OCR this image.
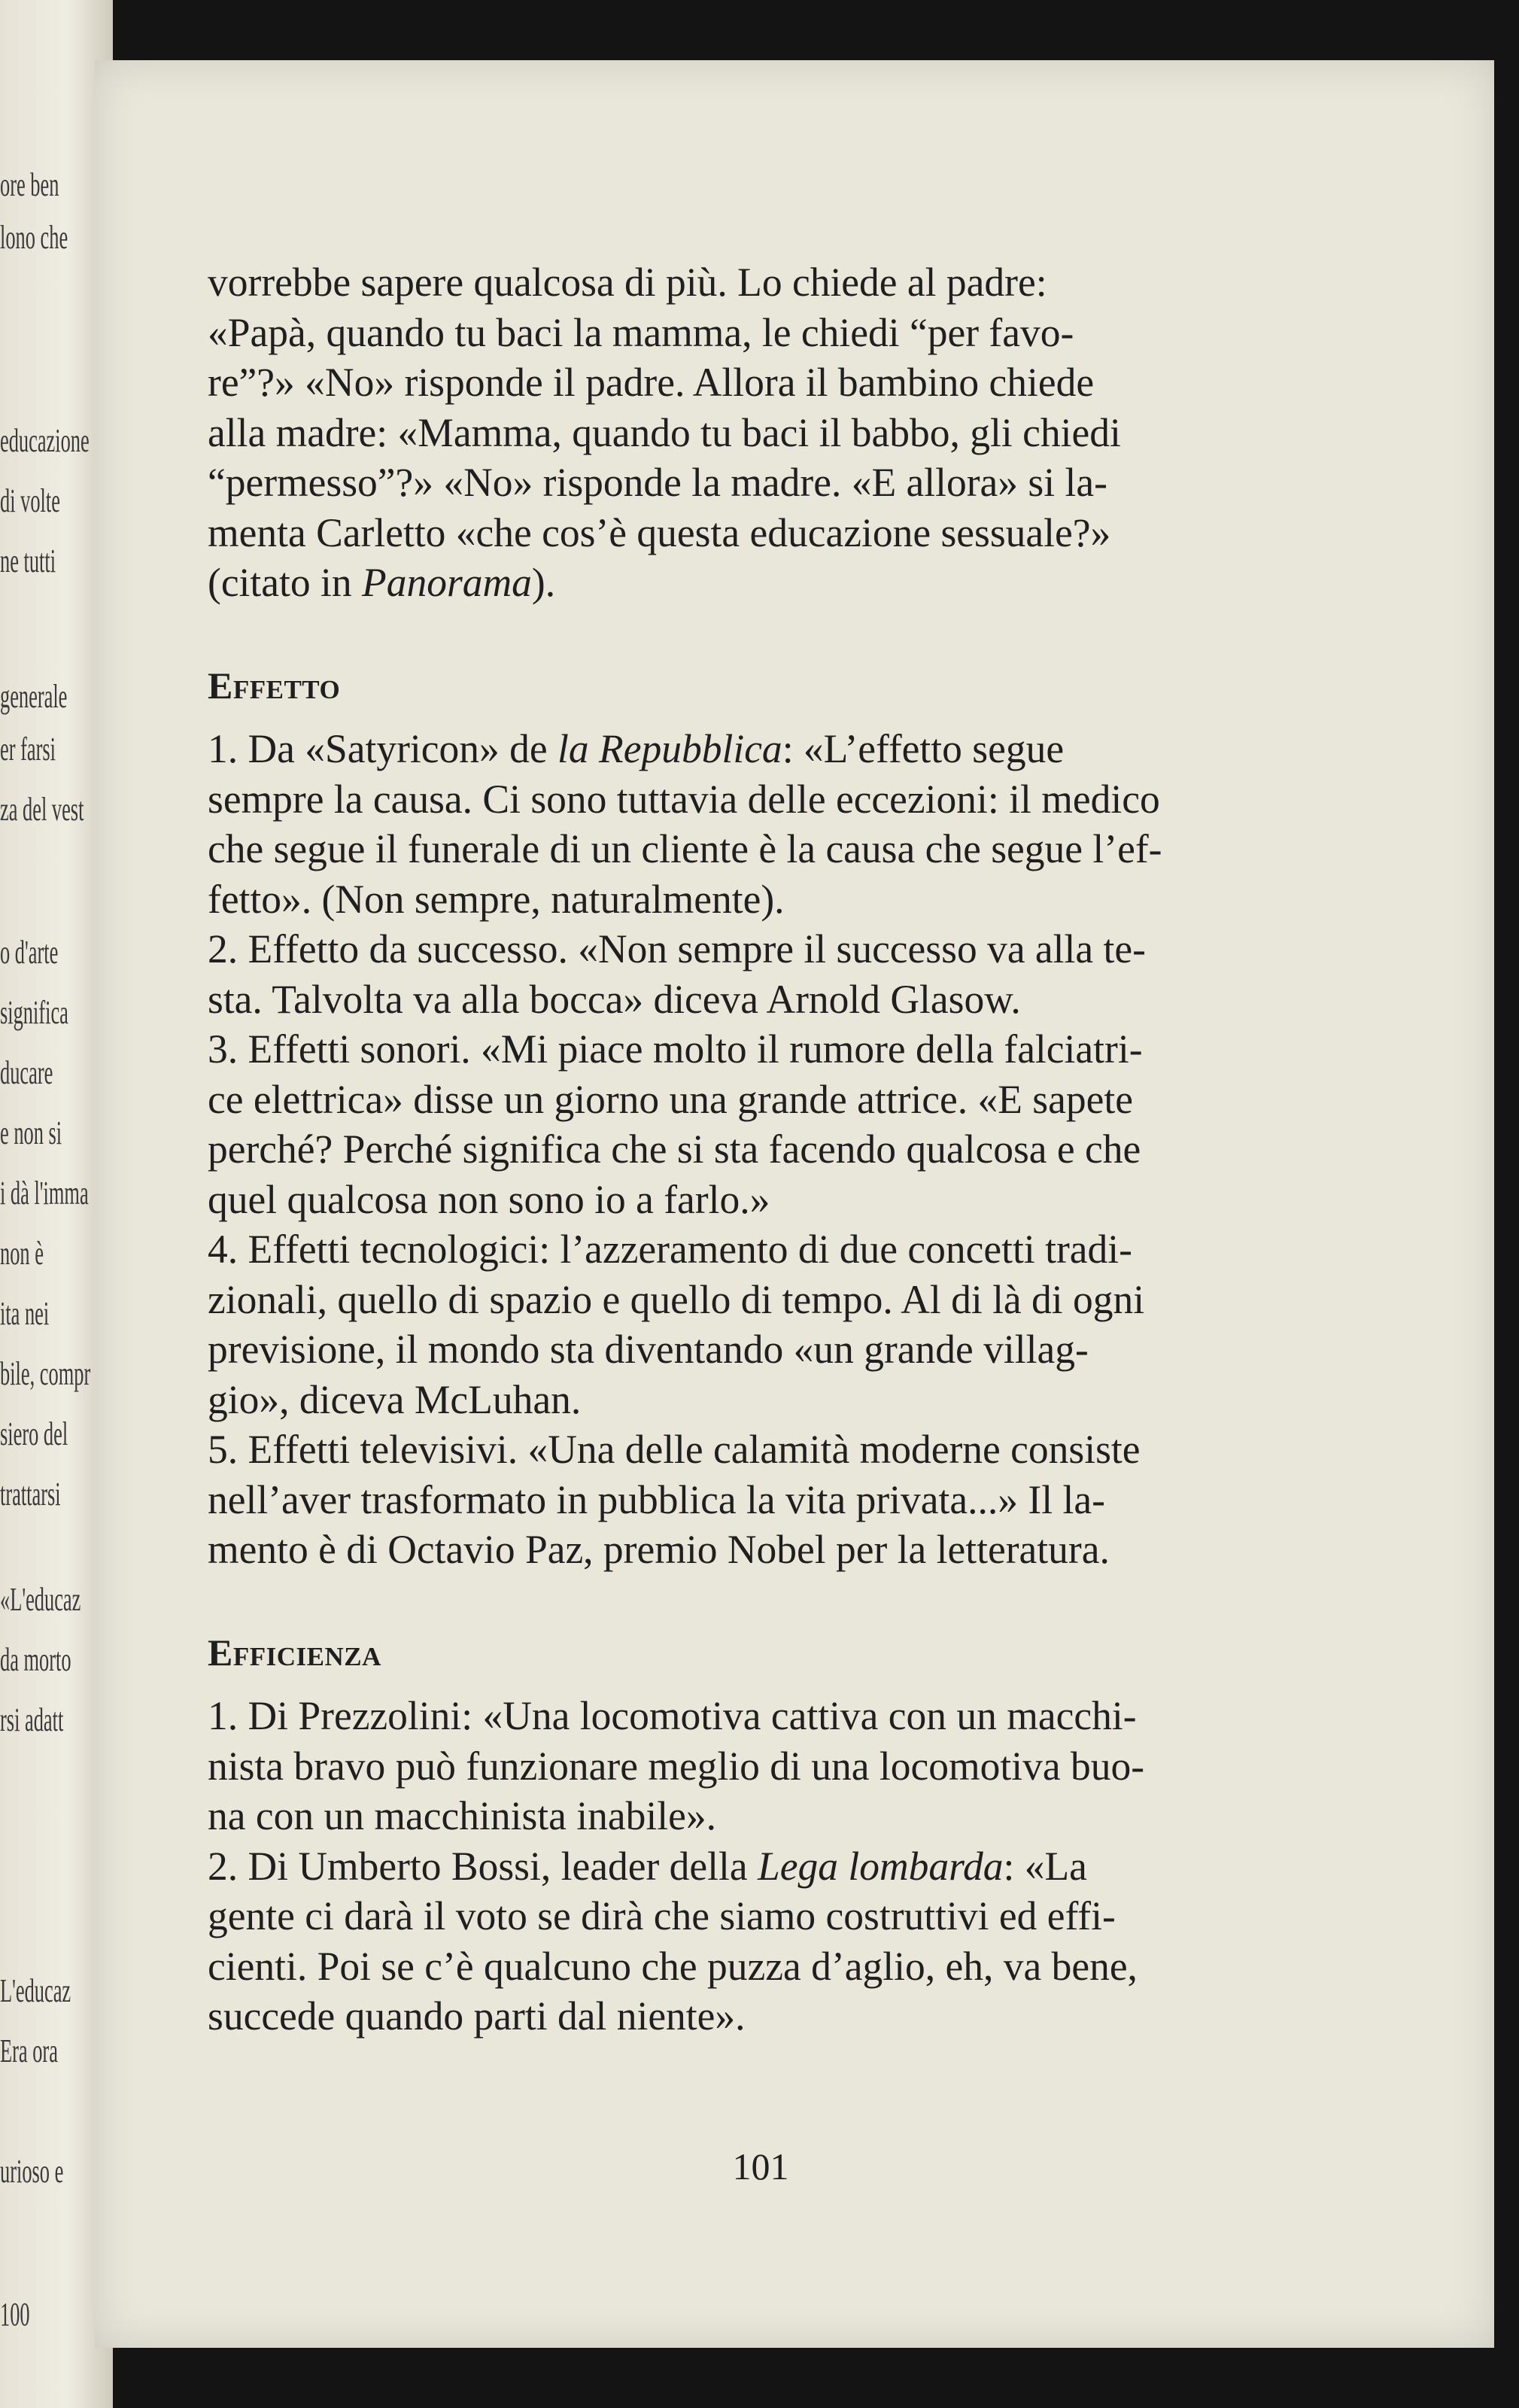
ore ben
lono che
educazione
di volte
ne tutti
generale
er farsi
za del vest
o d'arte
significa
ducare
e non si
i dà l'imma
non è
ita nei
bile, compr
siero del
trattarsi
«L'educaz
da morto
rsi adatt
L'educaz
Era ora
urioso e
100

vorrebbe sapere qualcosa di più. Lo chiede al padre:

«Papà, quando tu baci la mamma, le chiedi “per favo-

re”?» «No» risponde il padre. Allora il bambino chiede

alla madre: «Mamma, quando tu baci il babbo, gli chiedi

“permesso”?» «No» risponde la madre. «E allora» si la-

menta Carletto «che cos’è questa educazione sessuale?»

(citato in Panorama).

Effetto

1. Da «Satyricon» de la Repubblica: «L’effetto segue

sempre la causa. Ci sono tuttavia delle eccezioni: il medico

che segue il funerale di un cliente è la causa che segue l’ef-

fetto». (Non sempre, naturalmente).

2. Effetto da successo. «Non sempre il successo va alla te-

sta. Talvolta va alla bocca» diceva Arnold Glasow.

3. Effetti sonori. «Mi piace molto il rumore della falciatri-

ce elettrica» disse un giorno una grande attrice. «E sapete

perché? Perché significa che si sta facendo qualcosa e che

quel qualcosa non sono io a farlo.»

4. Effetti tecnologici: l’azzeramento di due concetti tradi-

zionali, quello di spazio e quello di tempo. Al di là di ogni

previsione, il mondo sta diventando «un grande villag-

gio», diceva McLuhan.

5. Effetti televisivi. «Una delle calamità moderne consiste

nell’aver trasformato in pubblica la vita privata...» Il la-

mento è di Octavio Paz, premio Nobel per la letteratura.

Efficienza

1. Di Prezzolini: «Una locomotiva cattiva con un macchi-

nista bravo può funzionare meglio di una locomotiva buo-

na con un macchinista inabile».

2. Di Umberto Bossi, leader della Lega lombarda: «La

gente ci darà il voto se dirà che siamo costruttivi ed effi-

cienti. Poi se c’è qualcuno che puzza d’aglio, eh, va bene,

succede quando parti dal niente».

101
